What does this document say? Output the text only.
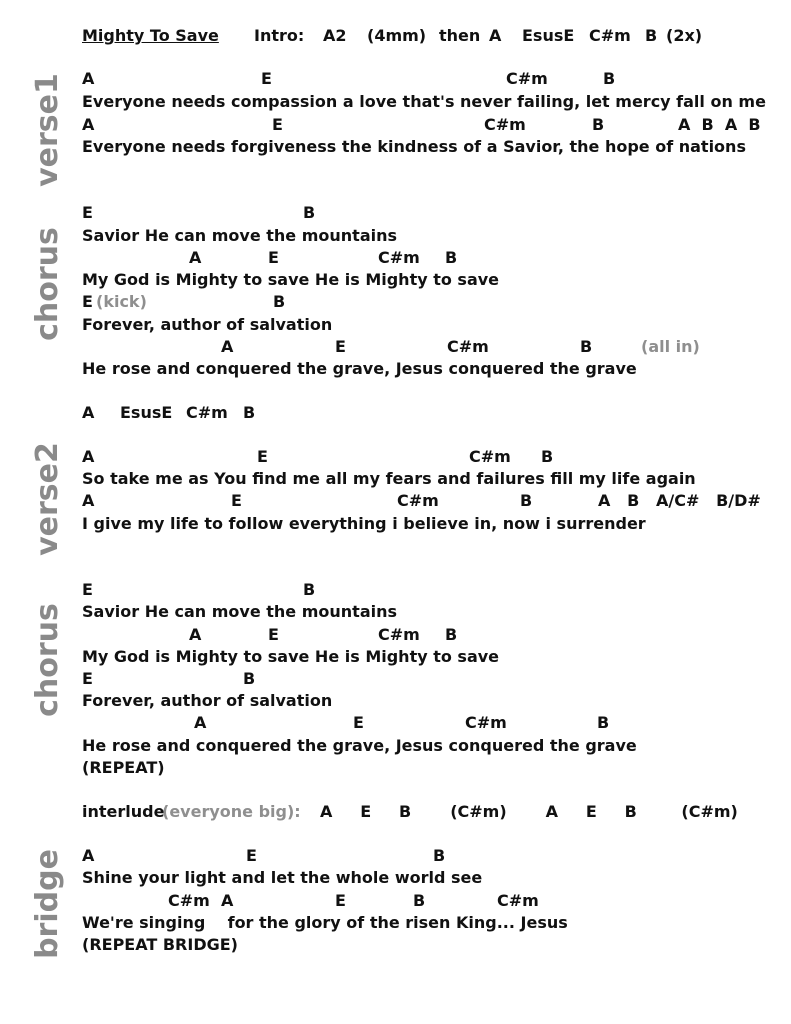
Mighty To Save Intro: A2 (4mm) then A EsusE C#m B (2x)
verse1
chorus
verse2
chorus
bridge
A	E	C#m	B
Everyone needs compassion a love that's never failing, let mercy fall on me
A	E	C#m	B	A  B  A  B
Everyone needs forgiveness the kindness of a Savior, the hope of nations
E	B
Savior He can move the mountains
A	E	C#m B
My God is Mighty to save He is Mighty to save
E (kick)	B
Forever, author of salvation
A	E	C#m	B	(all in)
He rose and conquered the grave, Jesus conquered the grave
A EsusE C#m B
A	E	C#m B
So take me as You find me all my fears and failures fill my life again
A	E	C#m	B	A   B   A/C#   B/D#
I give my life to follow everything i believe in, now i surrender
E	B
Savior He can move the mountains
A	E	C#m B
My God is Mighty to save He is Mighty to save
E	B
Forever, author of salvation
A	E	C#m	B
He rose and conquered the grave, Jesus conquered the grave
(REPEAT)
interlude
(everyone big): A     E     B       (C#m)       A     E     B        (C#m)
A	E	B
Shine your light and let the whole world see
C#m A	E	B	C#m
We're singing    for the glory of the risen King... Jesus
(REPEAT BRIDGE)
